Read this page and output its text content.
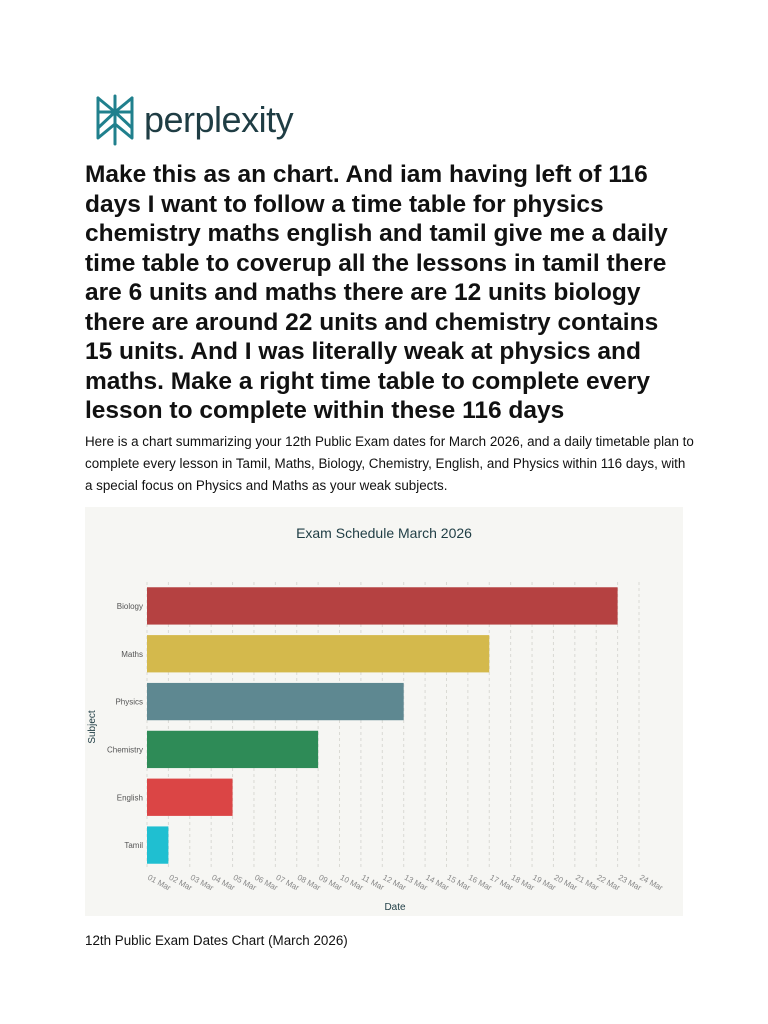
perplexity
Make this as an chart. And iam having left of 116 days I want to follow a time table for physics chemistry maths english and tamil give me a daily time table to coverup all the lessons in tamil there are 6 units and maths there are 12 units biology there are around 22 units and chemistry contains 15 units. And I was literally weak at physics and maths. Make a right time table to complete every lesson to complete within these 116 days

Here is a chart summarizing your 12th Public Exam dates for March 2026, and a daily timetable plan to complete every lesson in Tamil, Maths, Biology, Chemistry, English, and Physics within 116 days, with a special focus on Physics and Maths as your weak subjects.

Exam Schedule March 2026
Subject
Date
Biology
Maths
Physics
Chemistry
English
Tamil
01 Mar
02 Mar
03 Mar
04 Mar
05 Mar
06 Mar
07 Mar
08 Mar
09 Mar
10 Mar
11 Mar
12 Mar
13 Mar
14 Mar
15 Mar
16 Mar
17 Mar
18 Mar
19 Mar
20 Mar
21 Mar
22 Mar
23 Mar
24 Mar

12th Public Exam Dates Chart (March 2026)
